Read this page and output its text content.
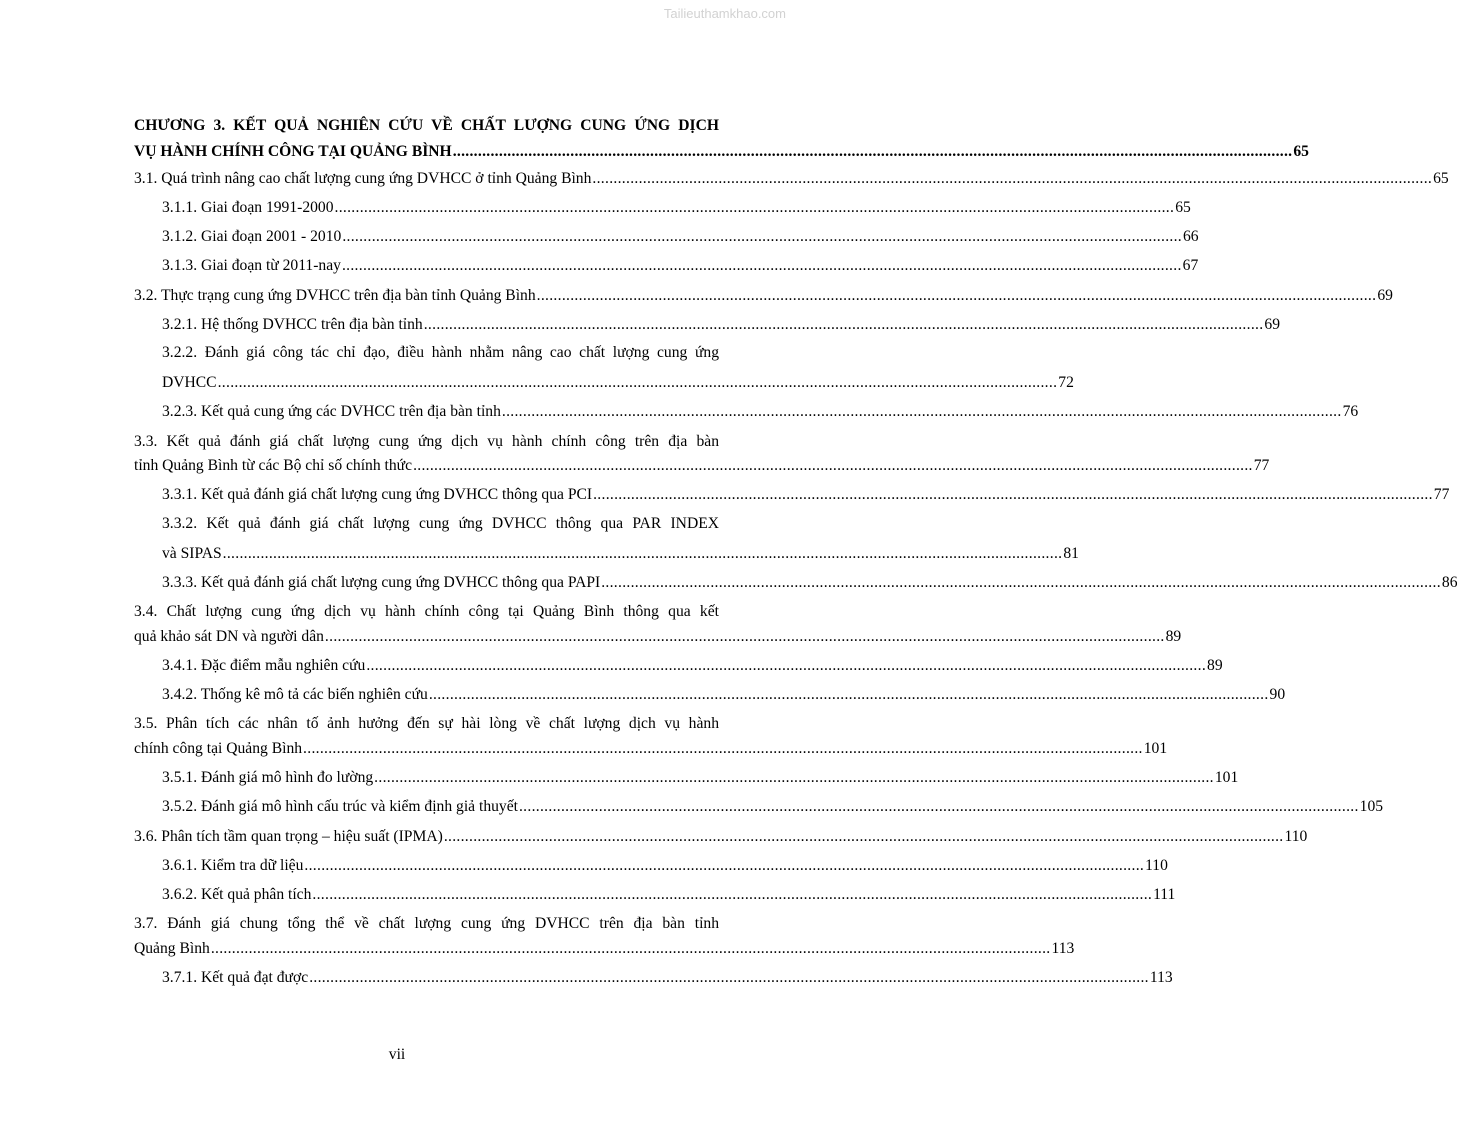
Tailieuthamkhao.com
CHƯƠNG 3. KẾT QUẢ NGHIÊN CỨU VỀ CHẤT LƯỢNG CUNG ỨNG DỊCH
VỤ HÀNH CHÍNH CÔNG TẠI QUẢNG BÌNH ........................................................................................................................................................................................................ 65
3.1. Quá trình nâng cao chất lượng cung ứng DVHCC ở tỉnh Quảng Bình ........................................................................................................................................................................................................ 65
3.1.1. Giai đoạn 1991-2000 ........................................................................................................................................................................................................ 65
3.1.2. Giai đoạn 2001 - 2010 ........................................................................................................................................................................................................ 66
3.1.3. Giai đoạn từ 2011-nay ........................................................................................................................................................................................................ 67
3.2. Thực trạng cung ứng DVHCC trên địa bàn tỉnh Quảng Bình ........................................................................................................................................................................................................ 69
3.2.1. Hệ thống DVHCC trên địa bàn tỉnh ........................................................................................................................................................................................................ 69
3.2.2. Đánh giá công tác chỉ đạo, điều hành nhằm nâng cao chất lượng cung ứng
DVHCC ........................................................................................................................................................................................................ 72
3.2.3. Kết quả cung ứng các DVHCC trên địa bàn tỉnh ........................................................................................................................................................................................................ 76
3.3. Kết quả đánh giá chất lượng cung ứng dịch vụ hành chính công trên địa bàn
tỉnh Quảng Bình từ các Bộ chỉ số chính thức ........................................................................................................................................................................................................ 77
3.3.1. Kết quả đánh giá chất lượng cung ứng DVHCC thông qua PCI ........................................................................................................................................................................................................ 77
3.3.2. Kết quả đánh giá chất lượng cung ứng DVHCC thông qua PAR INDEX
và SIPAS ........................................................................................................................................................................................................ 81
3.3.3. Kết quả đánh giá chất lượng cung ứng DVHCC thông qua PAPI ........................................................................................................................................................................................................ 86
3.4. Chất lượng cung ứng dịch vụ hành chính công tại Quảng Bình thông qua kết
quả khảo sát DN và người dân ........................................................................................................................................................................................................ 89
3.4.1. Đặc điểm mẫu nghiên cứu ........................................................................................................................................................................................................ 89
3.4.2. Thống kê mô tả các biến nghiên cứu ........................................................................................................................................................................................................ 90
3.5. Phân tích các nhân tố ảnh hưởng đến sự hài lòng về chất lượng dịch vụ hành
chính công tại Quảng Bình ........................................................................................................................................................................................................ 101
3.5.1. Đánh giá mô hình đo lường ........................................................................................................................................................................................................ 101
3.5.2. Đánh giá mô hình cấu trúc và kiểm định giả thuyết ........................................................................................................................................................................................................ 105
3.6. Phân tích tầm quan trọng – hiệu suất (IPMA) ........................................................................................................................................................................................................ 110
3.6.1. Kiểm tra dữ liệu ........................................................................................................................................................................................................ 110
3.6.2. Kết quả phân tích ........................................................................................................................................................................................................ 111
3.7. Đánh giá chung tổng thể về chất lượng cung ứng DVHCC trên địa bàn tỉnh
Quảng Bình ........................................................................................................................................................................................................ 113
3.7.1. Kết quả đạt được ........................................................................................................................................................................................................ 113
vii
